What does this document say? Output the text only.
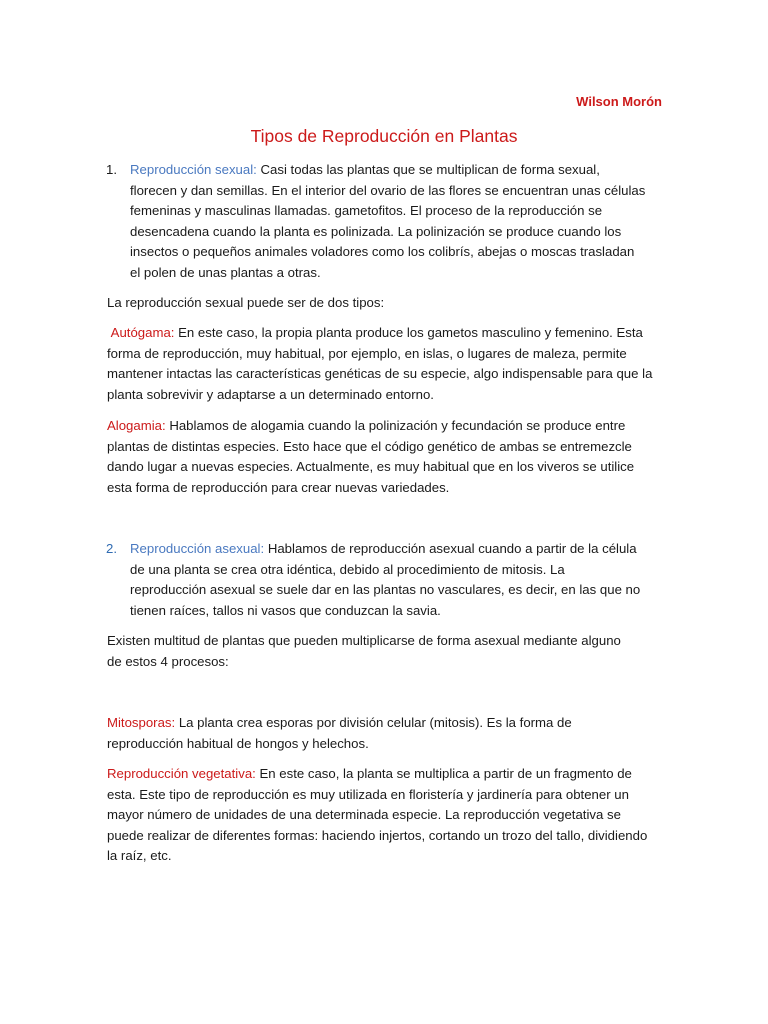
Wilson Morón
Tipos de Reproducción en Plantas
1. Reproducción sexual: Casi todas las plantas que se multiplican de forma sexual, florecen y dan semillas. En el interior del ovario de las flores se encuentran unas células femeninas y masculinas llamadas. gametofitos. El proceso de la reproducción se desencadena cuando la planta es polinizada. La polinización se produce cuando los insectos o pequeños animales voladores como los colibrís, abejas o moscas trasladan el polen de unas plantas a otras.

La reproducción sexual puede ser de dos tipos:

Autógama: En este caso, la propia planta produce los gametos masculino y femenino. Esta forma de reproducción, muy habitual, por ejemplo, en islas, o lugares de maleza, permite mantener intactas las características genéticas de su especie, algo indispensable para que la planta sobrevivir y adaptarse a un determinado entorno.

Alogamia: Hablamos de alogamia cuando la polinización y fecundación se produce entre plantas de distintas especies. Esto hace que el código genético de ambas se entremezcle dando lugar a nuevas especies. Actualmente, es muy habitual que en los viveros se utilice esta forma de reproducción para crear nuevas variedades.

2. Reproducción asexual: Hablamos de reproducción asexual cuando a partir de la célula de una planta se crea otra idéntica, debido al procedimiento de mitosis. La reproducción asexual se suele dar en las plantas no vasculares, es decir, en las que no tienen raíces, tallos ni vasos que conduzcan la savia.

Existen multitud de plantas que pueden multiplicarse de forma asexual mediante alguno de estos 4 procesos:

Mitosporas: La planta crea esporas por división celular (mitosis). Es la forma de reproducción habitual de hongos y helechos.

Reproducción vegetativa: En este caso, la planta se multiplica a partir de un fragmento de esta. Este tipo de reproducción es muy utilizada en floristería y jardinería para obtener un mayor número de unidades de una determinada especie. La reproducción vegetativa se puede realizar de diferentes formas: haciendo injertos, cortando un trozo del tallo, dividiendo la raíz, etc.
